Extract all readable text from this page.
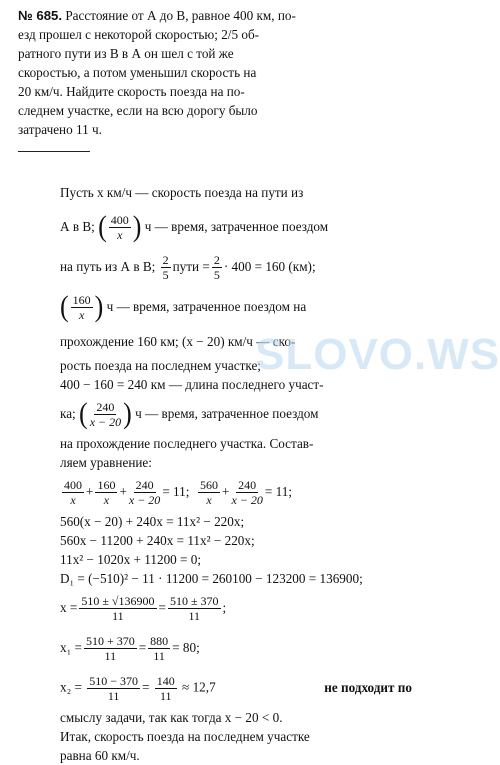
№ 685. Расстояние от А до В, равное 400 км, по-
езд прошел с некоторой скоростью; 2/5 об-
ратного пути из В в А он шел с той же
скоростью, а потом уменьшил скорость на
20 км/ч. Найдите скорость поезда на по-
следнем участке, если на всю дорогу было
затрачено 11 ч.
Пусть x км/ч — скорость поезда на пути из
А в В;
( 400
x )
ч — время, затраченное поездом
на путь из А в В;
2
5
пути = $\frac{2}{5} \cdot 400 = 160$ (км);
( 160
x )
ч — время, затраченное поездом на
прохождение 160 км; (x − 20) км/ч — ско-
рость поезда на последнем участке;
400 − 160 = 240 км — длина последнего участ-
ка;
( 240
x − 20 )
ч — время, затраченное поездом
на прохождение последнего участка. Состав-
ляем уравнение:
400
x
+ 160
x
+ 240
x − 20
= 11; 560
x
+ 240
x − 20
= 11;
560(x − 20) + 240x = 11x² − 220x;
560x − 11200 + 240x = 11x² − 220x;
11x² − 1020x + 11200 = 0;
D₁ = (−510)² − 11 · 11200 = 260100 − 123200 = 136900;
$x = \frac{510 \pm √136900}{11} = 510 \pm 370$
11
;
$x_1 = \frac{510 + 370}{11} = \frac{880}{11} = 80$;
$x_2 = \frac{510 - 370}{11} = \frac{140}{11} \approx 12,7$	не подходит по
смыслу задачи, так как тогда x − 20 < 0.
Итак, скорость поезда на последнем участке
равна 60 км/ч.
SLOVO.WS
